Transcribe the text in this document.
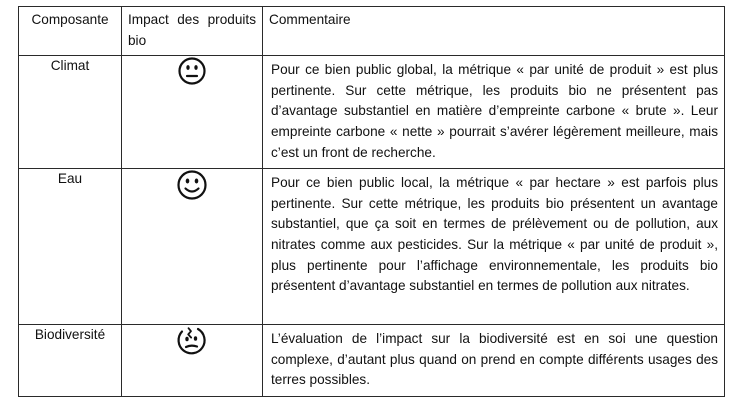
Composante	Impact des produits bio	Commentaire
Climat		Pour ce bien public global, la métrique « par unité de produit » est plus pertinente. Sur cette métrique, les produits bio ne présentent pas d’avantage substantiel en matière d’empreinte carbone « brute ». Leur empreinte carbone « nette » pourrait s’avérer légèrement meilleure, mais c’est un front de recherche.
Eau		Pour ce bien public local, la métrique « par hectare » est parfois plus pertinente. Sur cette métrique, les produits bio présentent un avantage substantiel, que ça soit en termes de prélèvement ou de pollution, aux nitrates comme aux pesticides. Sur la métrique « par unité de produit », plus pertinente pour l’affichage environnementale, les produits bio présentent d’avantage substantiel en termes de pollution aux nitrates.
Biodiversité		L’évaluation de l’impact sur la biodiversité est en soi une question complexe, d’autant plus quand on prend en compte différents usages des terres possibles.
